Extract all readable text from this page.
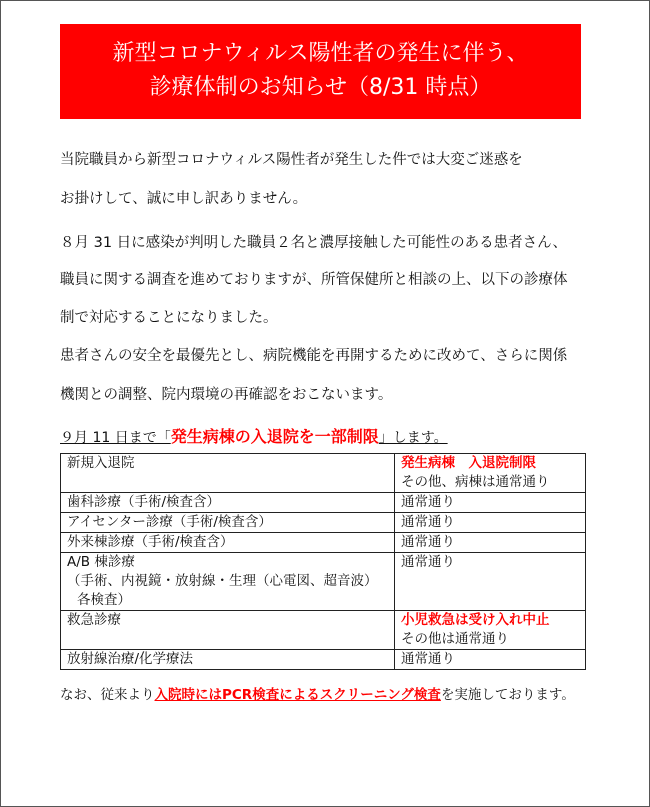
新型コロナウィルス陽性者の発生に伴う、
診療体制のお知らせ（8/31 時点）
当院職員から新型コロナウィルス陽性者が発生した件では大変ご迷惑を
お掛けして、誠に申し訳ありません。
８月 31 日に感染が判明した職員２名と濃厚接触した可能性のある患者さん、
職員に関する調査を進めておりますが、所管保健所と相談の上、以下の診療体
制で対応することになりました。
患者さんの安全を最優先とし、病院機能を再開するために改めて、さらに関係
機関との調整、院内環境の再確認をおこないます。
９月 11 日まで「発生病棟の入退院を一部制限」します。
新規入退院	発生病棟　入退院制限
その他、病棟は通常通り

歯科診療（手術/検査含）	通常通り
アイセンター診療（手術/検査含）	通常通り
外来棟診療（手術/検査含）	通常通り

A/B 棟診療
（手術、内視鏡・放射線・生理（心電図、超音波）
各検査）	通常通り
救急診療	小児救急は受け入れ中止
その他は通常通り

放射線治療/化学療法	通常通り
なお、従来より入院時にはPCR検査によるスクリーニング検査を実施しております。
